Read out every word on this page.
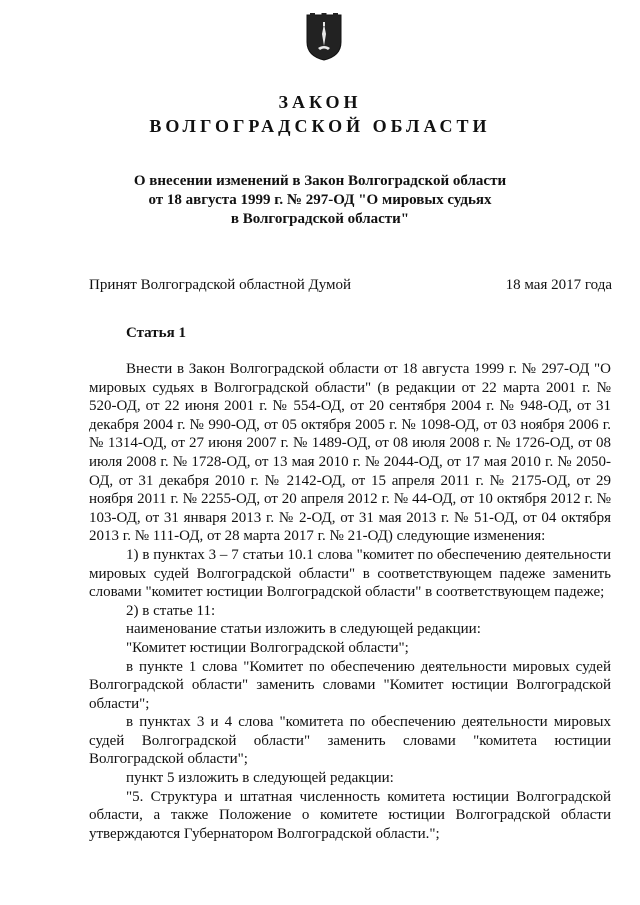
ЗАКОН
ВОЛГОГРАДСКОЙ ОБЛАСТИ
О внесении изменений в Закон Волгоградской области
от 18 августа 1999 г. № 297-ОД "О мировых судьях
в Волгоградской области"
Принят Волгоградской областной Думой	18 мая 2017 года
Статья 1

Внести в Закон Волгоградской области от 18 августа 1999 г. № 297-ОД "О мировых судьях в Волгоградской области" (в редакции от 22 марта 2001 г. № 520-ОД, от 22 июня 2001 г. № 554-ОД, от 20 сентября 2004 г. № 948-ОД, от 31 декабря 2004 г. № 990-ОД, от 05 октября 2005 г. № 1098-ОД, от 03 ноября 2006 г. № 1314-ОД, от 27 июня 2007 г. № 1489-ОД, от 08 июля 2008 г. № 1726-ОД, от 08 июля 2008 г. № 1728-ОД, от 13 мая 2010 г. № 2044-ОД, от 17 мая 2010 г. № 2050-ОД, от 31 декабря 2010 г. № 2142-ОД, от 15 апреля 2011 г. № 2175-ОД, от 29 ноября 2011 г. № 2255-ОД, от 20 апреля 2012 г. № 44-ОД, от 10 октября 2012 г. № 103-ОД, от 31 января 2013 г. № 2-ОД, от 31 мая 2013 г. № 51-ОД, от 04 октября 2013 г. № 111-ОД, от 28 марта 2017 г. № 21-ОД) следующие изменения:

1) в пунктах 3 – 7 статьи 10.1 слова "комитет по обеспечению деятельности мировых судей Волгоградской области" в соответствующем падеже заменить словами "комитет юстиции Волгоградской области" в соответствующем падеже;

2) в статье 11:

наименование статьи изложить в следующей редакции:

"Комитет юстиции Волгоградской области";

в пункте 1 слова "Комитет по обеспечению деятельности мировых судей Волгоградской области" заменить словами "Комитет юстиции Волгоградской области";

в пунктах 3 и 4 слова "комитета по обеспечению деятельности мировых судей Волгоградской области" заменить словами "комитета юстиции Волгоградской области";

пункт 5 изложить в следующей редакции:

"5. Структура и штатная численность комитета юстиции Волгоградской области, а также Положение о комитете юстиции Волгоградской области утверждаются Губернатором Волгоградской области.";
